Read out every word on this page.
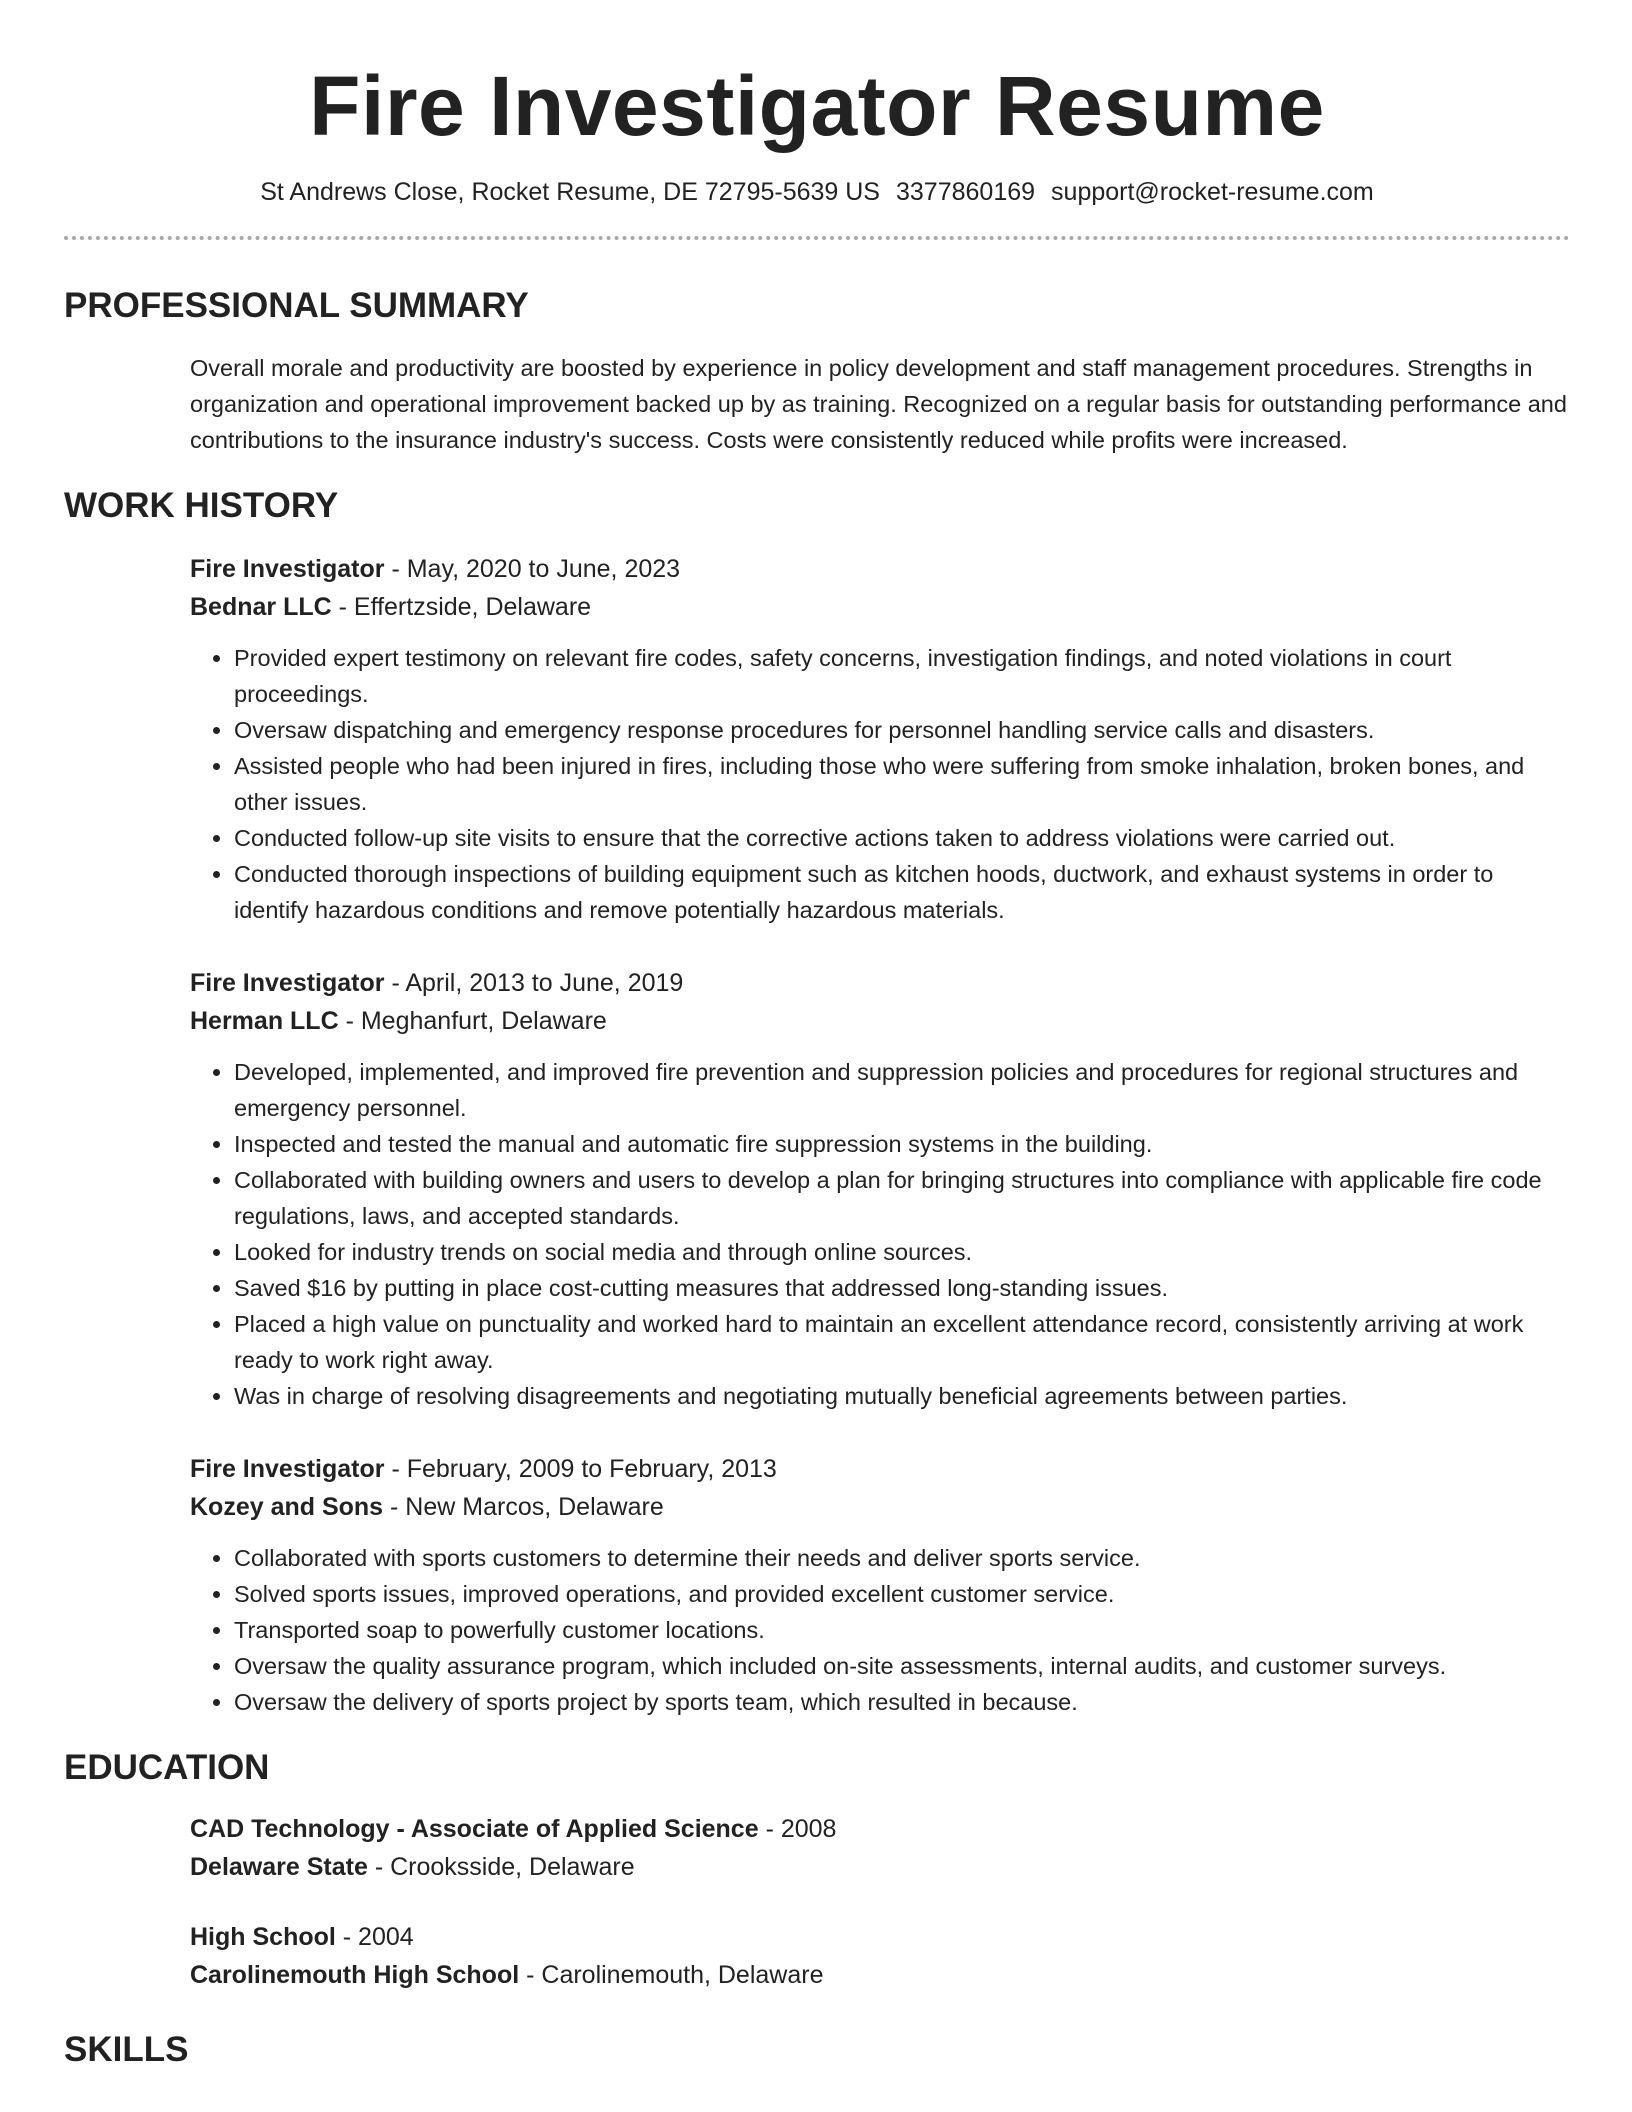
Fire Investigator Resume
St Andrews Close, Rocket Resume, DE 72795-5639 US 3377860169 support@rocket-resume.com
PROFESSIONAL SUMMARY

Overall morale and productivity are boosted by experience in policy development and staff management procedures. Strengths in organization and operational improvement backed up by as training. Recognized on a regular basis for outstanding performance and contributions to the insurance industry's success. Costs were consistently reduced while profits were increased.

WORK HISTORY
Fire Investigator - May, 2020 to June, 2023
Bednar LLC - Effertzside, Delaware
• Provided expert testimony on relevant fire codes, safety concerns, investigation findings, and noted violations in court proceedings.
• Oversaw dispatching and emergency response procedures for personnel handling service calls and disasters.
• Assisted people who had been injured in fires, including those who were suffering from smoke inhalation, broken bones, and other issues.
• Conducted follow-up site visits to ensure that the corrective actions taken to address violations were carried out.
• Conducted thorough inspections of building equipment such as kitchen hoods, ductwork, and exhaust systems in order to identify hazardous conditions and remove potentially hazardous materials.
Fire Investigator - April, 2013 to June, 2019
Herman LLC - Meghanfurt, Delaware
• Developed, implemented, and improved fire prevention and suppression policies and procedures for regional structures and emergency personnel.
• Inspected and tested the manual and automatic fire suppression systems in the building.
• Collaborated with building owners and users to develop a plan for bringing structures into compliance with applicable fire code regulations, laws, and accepted standards.
• Looked for industry trends on social media and through online sources.
• Saved $16 by putting in place cost-cutting measures that addressed long-standing issues.
• Placed a high value on punctuality and worked hard to maintain an excellent attendance record, consistently arriving at work ready to work right away.
• Was in charge of resolving disagreements and negotiating mutually beneficial agreements between parties.
Fire Investigator - February, 2009 to February, 2013
Kozey and Sons - New Marcos, Delaware
• Collaborated with sports customers to determine their needs and deliver sports service.
• Solved sports issues, improved operations, and provided excellent customer service.
• Transported soap to powerfully customer locations.
• Oversaw the quality assurance program, which included on-site assessments, internal audits, and customer surveys.
• Oversaw the delivery of sports project by sports team, which resulted in because.
EDUCATION
CAD Technology - Associate of Applied Science - 2008
Delaware State - Crooksside, Delaware
High School - 2004
Carolinemouth High School - Carolinemouth, Delaware
SKILLS
